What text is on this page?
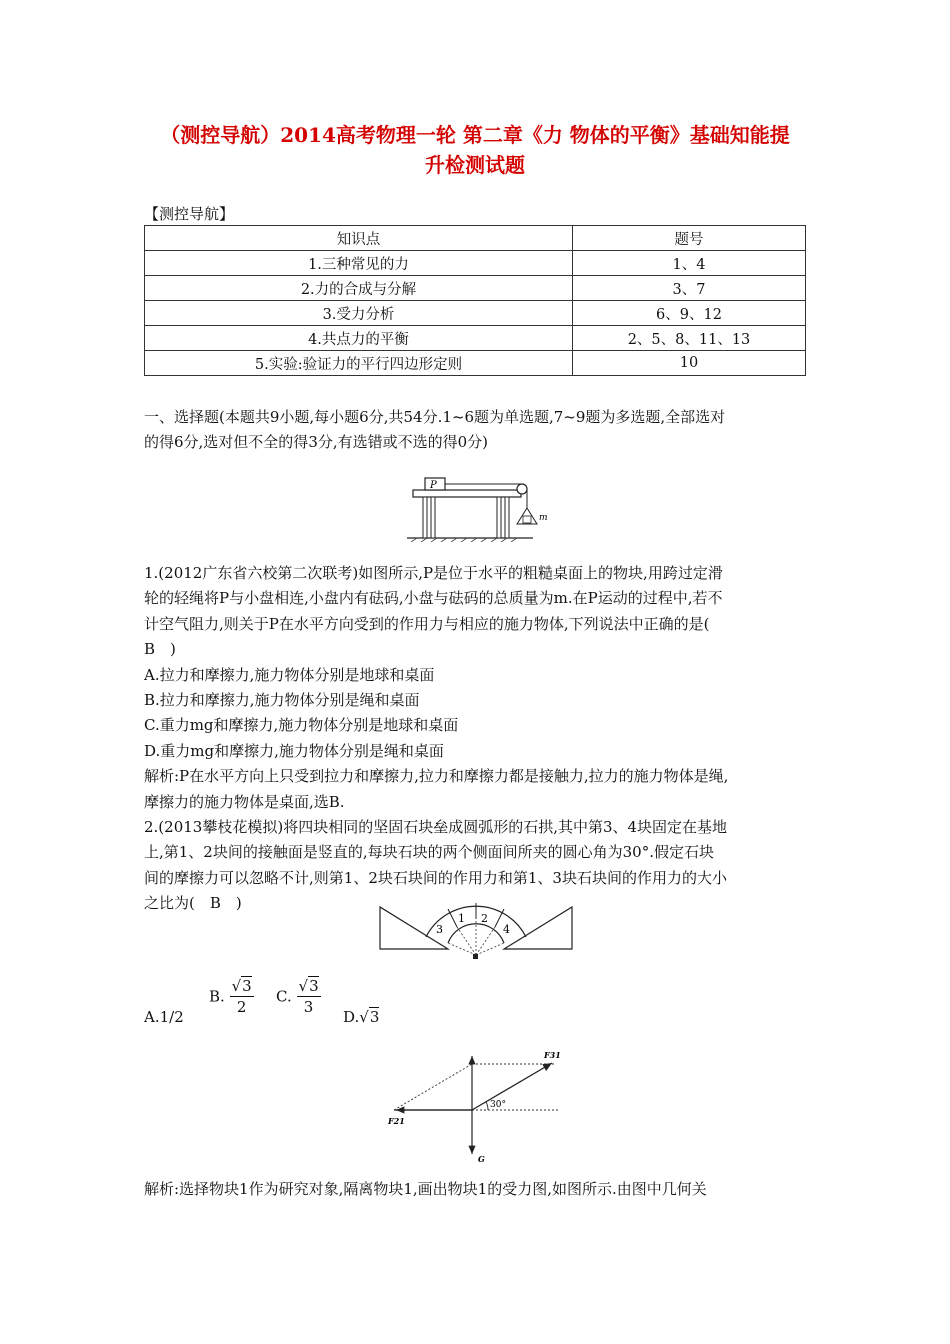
（测控导航）2014高考物理一轮 第二章《力 物体的平衡》基础知能提
升检测试题
【测控导航】
知识点	题号
1.三种常见的力	1、4
2.力的合成与分解	3、7
3.受力分析	6、9、12
4.共点力的平衡	2、5、8、11、13
5.实验:验证力的平行四边形定则	10
一、选择题(本题共9小题,每小题6分,共54分.1~6题为单选题,7~9题为多选题,全部选对
的得6分,选对但不全的得3分,有选错或不选的得0分)
P
m
1.(2012广东省六校第二次联考)如图所示,P是位于水平的粗糙桌面上的物块,用跨过定滑
轮的轻绳将P与小盘相连,小盘内有砝码,小盘与砝码的总质量为m.在P运动的过程中,若不
计空气阻力,则关于P在水平方向受到的作用力与相应的施力物体,下列说法中正确的是(
B　)
A.拉力和摩擦力,施力物体分别是地球和桌面
B.拉力和摩擦力,施力物体分别是绳和桌面
C.重力mg和摩擦力,施力物体分别是地球和桌面
D.重力mg和摩擦力,施力物体分别是绳和桌面
解析:P在水平方向上只受到拉力和摩擦力,拉力和摩擦力都是接触力,拉力的施力物体是绳,
摩擦力的施力物体是桌面,选B.
2.(2013攀枝花模拟)将四块相同的坚固石块垒成圆弧形的石拱,其中第3、4块固定在基地
上,第1、2块间的接触面是竖直的,每块石块的两个侧面间所夹的圆心角为30°.假定石块
间的摩擦力可以忽略不计,则第1、2块石块间的作用力和第1、3块石块间的作用力的大小
之比为(　B　)
3
1 2
4
A.1/2
B. $\frac{√3}{2} C$. $\frac{√3}{3} D.√3$
30°
F31
F21
G
解析:选择物块1作为研究对象,隔离物块1,画出物块1的受力图,如图所示.由图中几何关
